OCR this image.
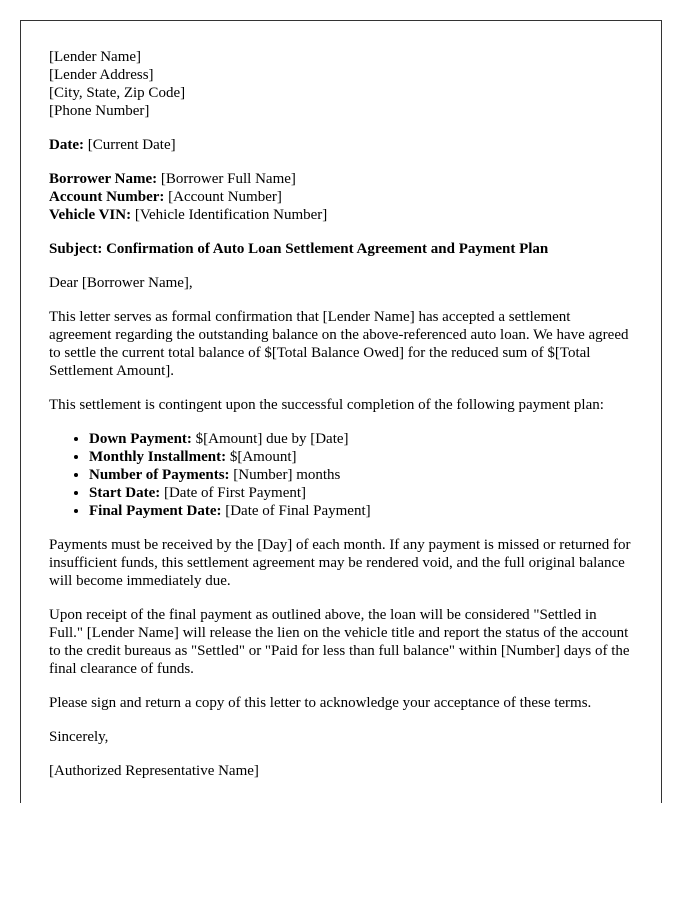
[Lender Name]
[Lender Address]
[City, State, Zip Code]
[Phone Number]

Date: [Current Date]

Borrower Name: [Borrower Full Name]
Account Number: [Account Number]
Vehicle VIN: [Vehicle Identification Number]

Subject: Confirmation of Auto Loan Settlement Agreement and Payment Plan

Dear [Borrower Name],

This letter serves as formal confirmation that [Lender Name] has accepted a settlement agreement regarding the outstanding balance on the above-referenced auto loan. We have agreed to settle the current total balance of $[Total Balance Owed] for the reduced sum of $[Total Settlement Amount].

This settlement is contingent upon the successful completion of the following payment plan:

• Down Payment: $[Amount] due by [Date]
• Monthly Installment: $[Amount]
• Number of Payments: [Number] months
• Start Date: [Date of First Payment]
• Final Payment Date: [Date of Final Payment]

Payments must be received by the [Day] of each month. If any payment is missed or returned for insufficient funds, this settlement agreement may be rendered void, and the full original balance will become immediately due.

Upon receipt of the final payment as outlined above, the loan will be considered "Settled in Full." [Lender Name] will release the lien on the vehicle title and report the status of the account to the credit bureaus as "Settled" or "Paid for less than full balance" within [Number] days of the final clearance of funds.

Please sign and return a copy of this letter to acknowledge your acceptance of these terms.

Sincerely,

[Authorized Representative Name]
